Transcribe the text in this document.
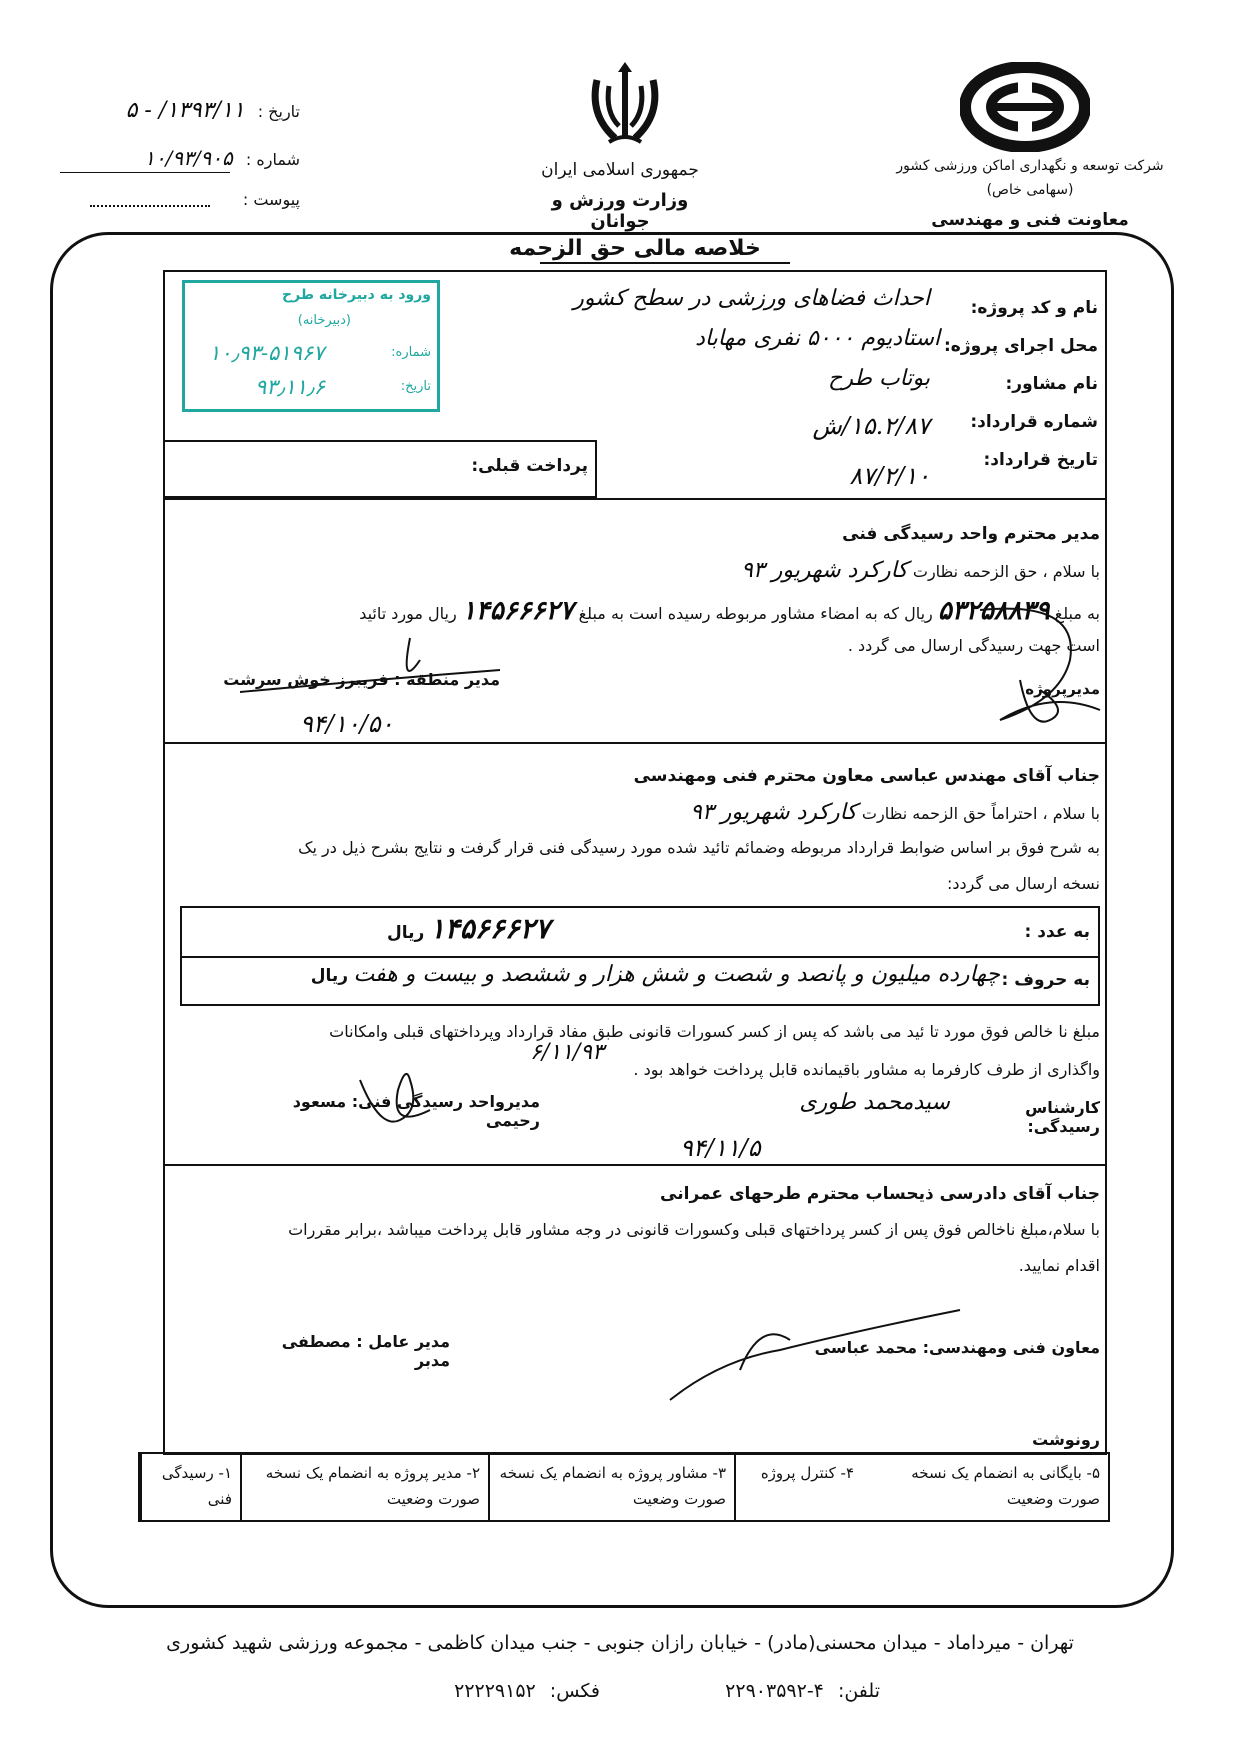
تاریخ : ۱۳۹۳/۱۱/ - ۵
شماره : ۱۰/۹۳/۹۰۵
پیوست :
جمهوری اسلامی ایران
وزارت ورزش و جوانان
شرکت توسعه و نگهداری اماکن ورزشی کشور
(سهامی خاص)
معاونت فنی و مهندسی
خلاصه مالی حق الزحمه
ورود به دبیرخانه طرح
(دبیرخانه)
شماره:
۱۰٫۹۳-۵۱۹۶۷
تاریخ:
۹۳٫۱۱٫۶
نام و کد پروژه:
احداث فضاهای ورزشی در سطح کشور
محل اجرای پروژه:
استادیوم ۵۰۰۰ نفری مهاباد
نام مشاور:
بوتاب طرح
شماره قرارداد:
۱۵.۲/۸۷/ش
تاریخ قرارداد:
۸۷/۲/۱۰
پرداخت قبلی:
مدیر محترم واحد رسیدگی فنی
با سلام ، حق الزحمه نظارت کارکرد شهریور ۹۳
به مبلغ ۵۳۲۵۸۸۳۹ ریال که به امضاء مشاور مربوطه رسیده است به مبلغ ۱۴۵۶۶۶۲۷ ریال مورد تائید
است جهت رسیدگی ارسال می گردد .
مدیرپروژه
مدیر منطقه : فریبرز خوش سرشت
۹۴/۱۰/۵۰
جناب آقای مهندس عباسی معاون محترم فنی ومهندسی
با سلام ، احتراماً حق الزحمه نظارت کارکرد شهریور ۹۳
به شرح فوق بر اساس ضوابط قرارداد مربوطه وضمائم تائید شده مورد رسیدگی فنی قرار گرفت و نتایج بشرح ذیل در یک
نسخه ارسال می گردد:
به عدد :
۱۴۵۶۶۶۲۷ ریال
به حروف :
چهارده میلیون و پانصد و شصت و شش هزار و ششصد و بیست و هفت ریال
مبلغ نا خالص فوق مورد تا ئید می باشد که پس از کسر کسورات قانونی طبق مفاد قرارداد وپرداختهای قبلی وامکانات
واگذاری از طرف کارفرما به مشاور باقیمانده قابل پرداخت خواهد بود .
۶/۱۱/۹۳
کارشناس رسیدگی:
سیدمحمد طوری
مدیرواحد رسیدگی فنی: مسعود رحیمی
۹۴/۱۱/۵
جناب آقای دادرسی ذیحساب محترم طرحهای عمرانی
با سلام،مبلغ ناخالص فوق پس از کسر پرداختهای قبلی وکسورات قانونی در وجه مشاور قابل پرداخت میباشد ،برابر مقررات
اقدام نمایید.
معاون فنی ومهندسی: محمد عباسی
مدیر عامل : مصطفی مدبر
رونوشت
۱- رسیدگی فنی
۲- مدیر پروژه به انضمام یک نسخه صورت وضعیت
۳- مشاور پروژه به انضمام یک نسخه صورت وضعیت
۴- کنترل پروژه	۵- بایگانی به انضمام یک نسخه صورت وضعیت
تهران - میرداماد - میدان محسنی(مادر) - خیابان رازان جنوبی - جنب میدان کاظمی - مجموعه ورزشی شهید کشوری
تلفن: ۴-۲۲۹۰۳۵۹۲
فکس: ۲۲۲۲۹۱۵۲
